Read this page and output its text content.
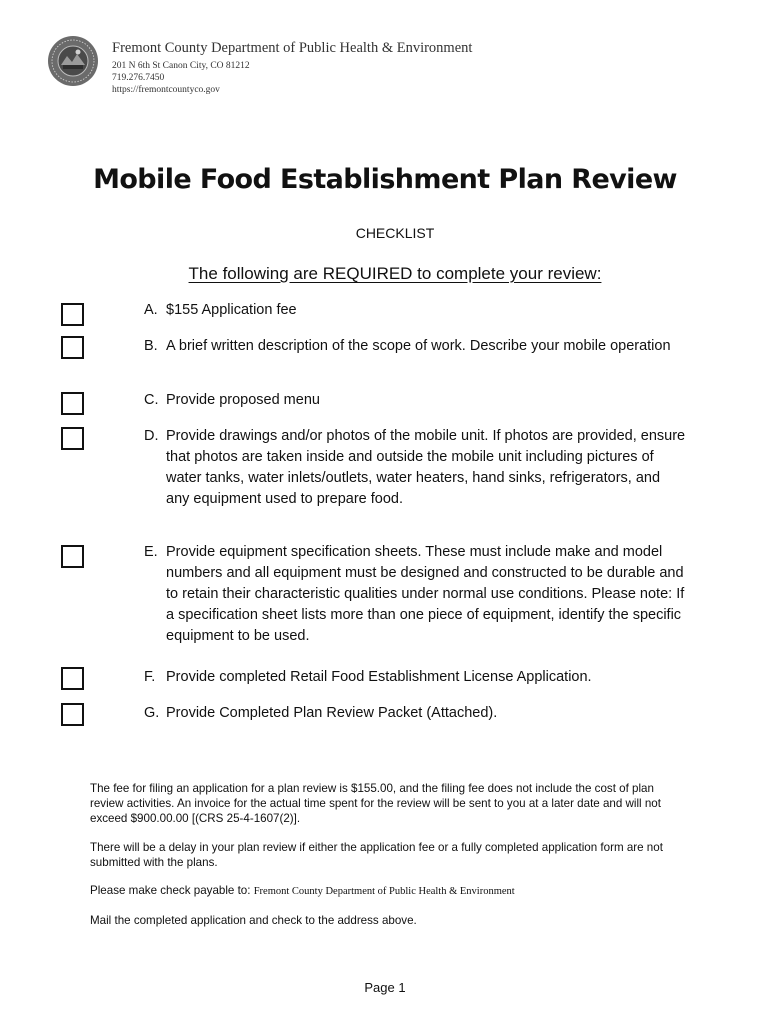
Fremont County Department of Public Health & Environment
201 N 6th St Canon City, CO 81212
719.276.7450
https://fremontcountyco.gov
Mobile Food Establishment Plan Review
CHECKLIST
The following are REQUIRED to complete your review:
A. $155 Application fee
B. A brief written description of the scope of work. Describe your mobile operation
C. Provide proposed menu
D. Provide drawings and/or photos of the mobile unit. If photos are provided, ensure that photos are taken inside and outside the mobile unit including pictures of water tanks, water inlets/outlets, water heaters, hand sinks, refrigerators, and any equipment used to prepare food.
E. Provide equipment specification sheets. These must include make and model numbers and all equipment must be designed and constructed to be durable and to retain their characteristic qualities under normal use conditions. Please note: If a specification sheet lists more than one piece of equipment, identify the specific equipment to be used.
F. Provide completed Retail Food Establishment License Application.
G. Provide Completed Plan Review Packet (Attached).
The fee for filing an application for a plan review is $155.00, and the filing fee does not include the cost of plan review activities. An invoice for the actual time spent for the review will be sent to you at a later date and will not exceed $900.00.00 [(CRS 25-4-1607(2)].
There will be a delay in your plan review if either the application fee or a fully completed application form are not submitted with the plans.
Please make check payable to: Fremont County Department of Public Health & Environment
Mail the completed application and check to the address above.
Page 1
